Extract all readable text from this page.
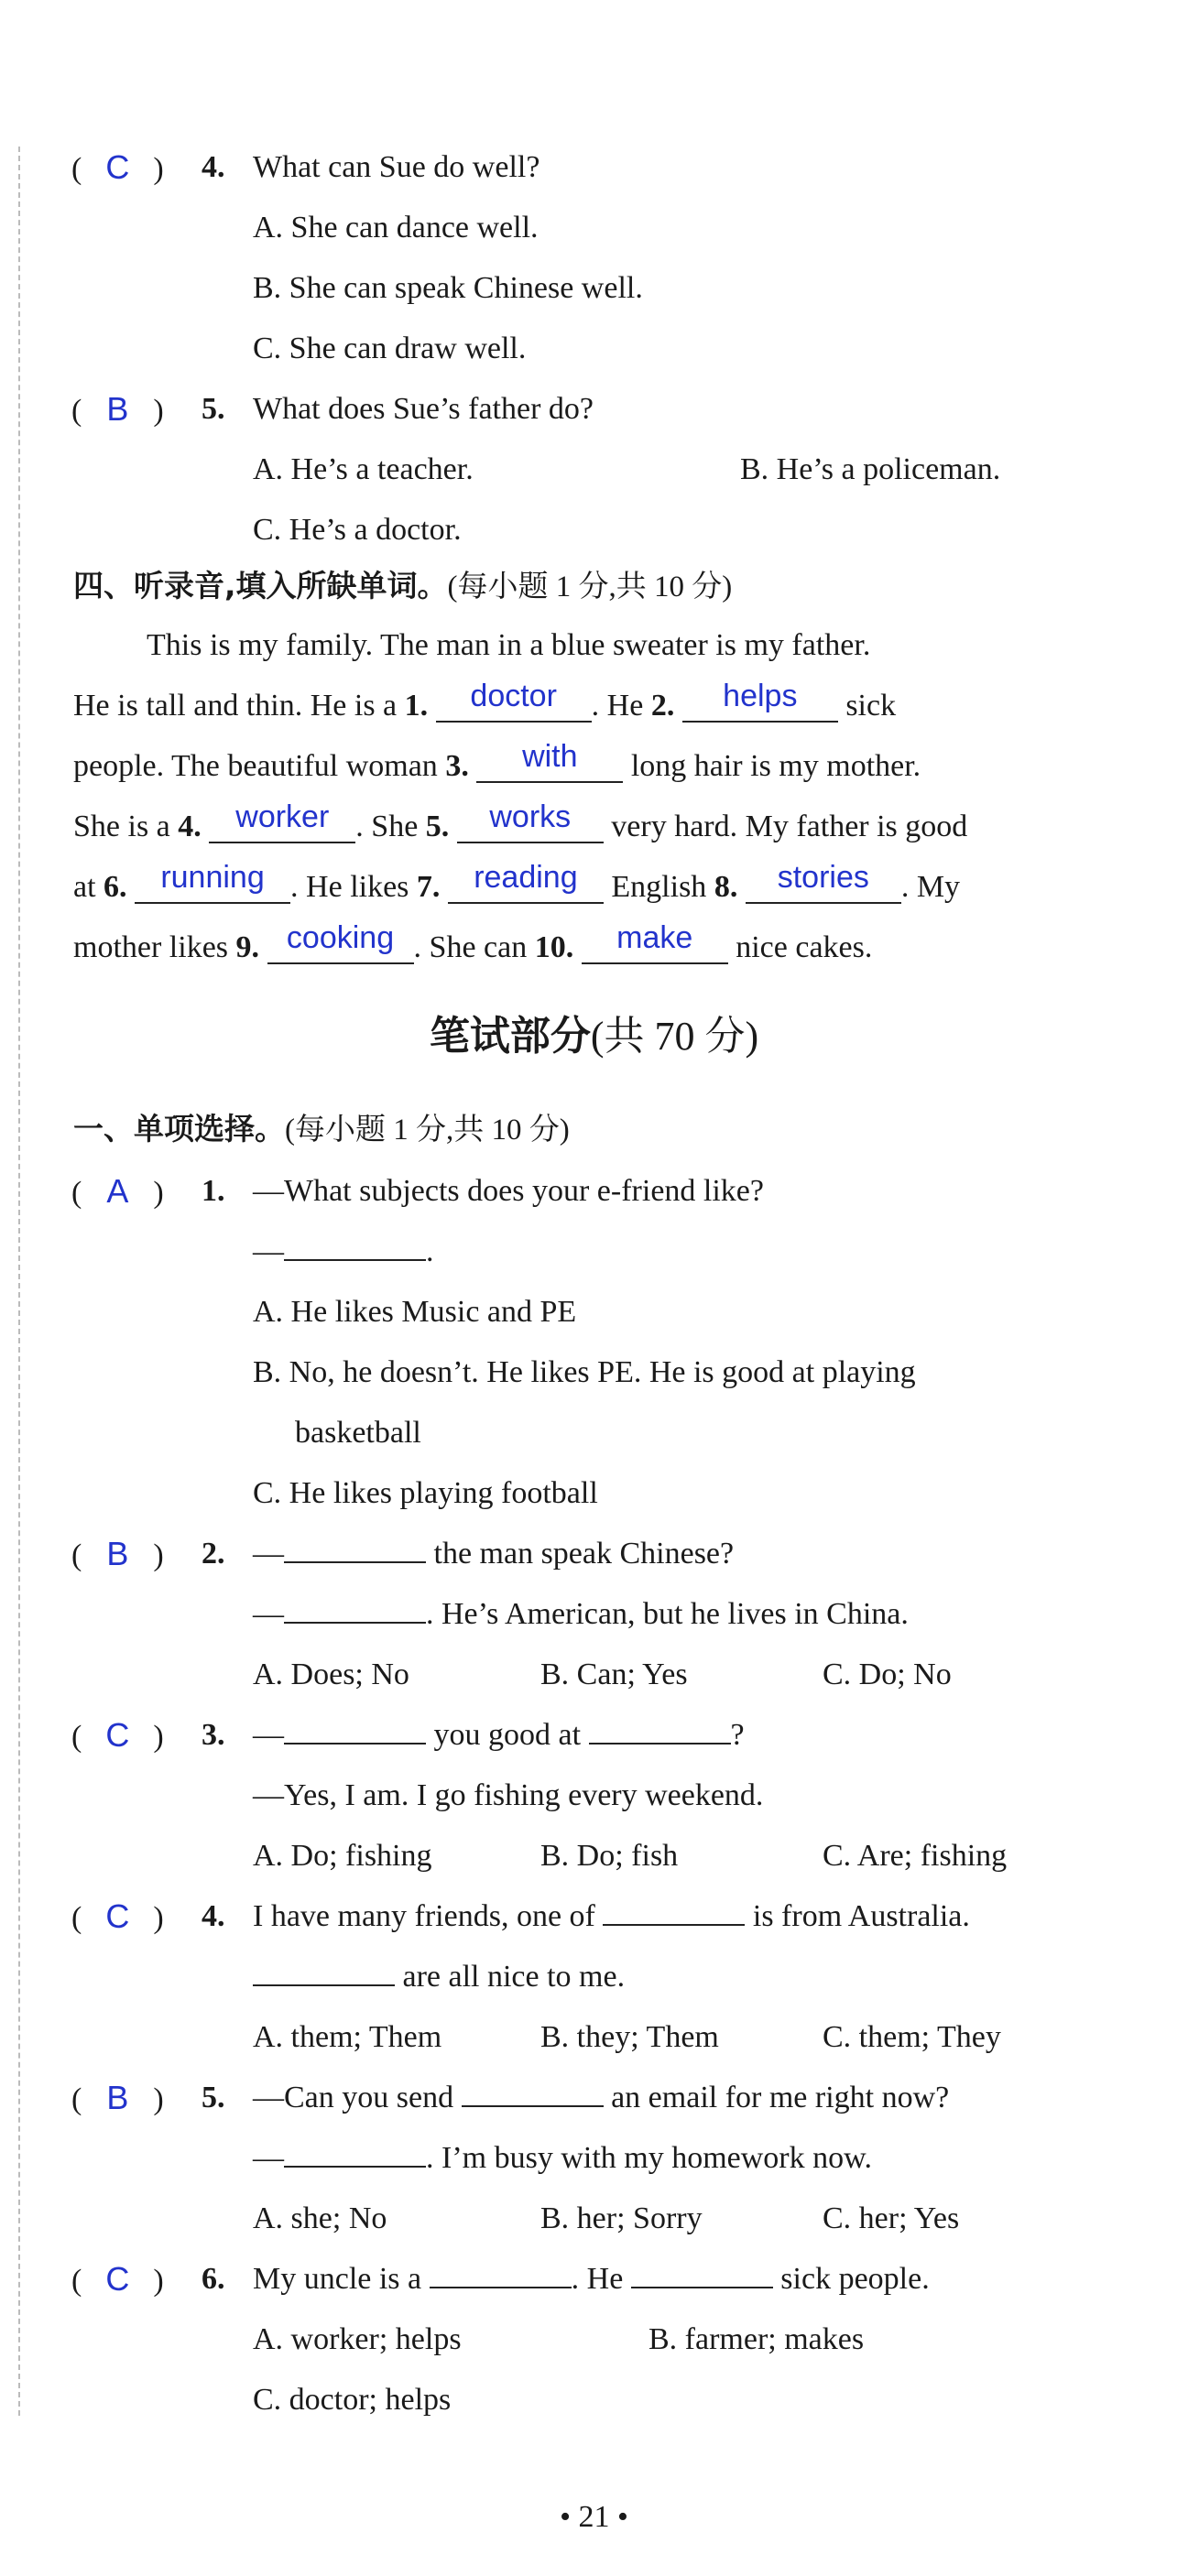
( C )	4. What can Sue do well?
A. She can dance well.
B. She can speak Chinese well.
C. She can draw well.
( B )	5. What does Sue’s father do?
A. He’s a teacher.	B. He’s a policeman.
C. He’s a doctor.
四、听录音,填入所缺单词。(每小题 1 分,共 10 分)
This is my family. The man in a blue sweater is my father.
He is tall and thin. He is a 1. doctor . He 2. helps sick
people. The beautiful woman 3. with long hair is my mother.
She is a 4. worker . She 5. works very hard. My father is good
at 6. running . He likes 7. reading English 8. stories . My
mother likes 9. cooking . She can 10. make nice cakes.
笔试部分(共 70 分)
一、单项选择。(每小题 1 分,共 10 分)
( A )	1. —What subjects does your e-friend like?
—	.
A. He likes Music and PE
B. No, he doesn’t. He likes PE. He is good at playing
basketball
C. He likes playing football
( B )	2. —	the man speak Chinese?
—	. He’s American, but he lives in China.
A. Does; No	B. Can; Yes	C. Do; No
( C )	3. —	you good at	?
—Yes, I am. I go fishing every weekend.
A. Do; fishing	B. Do; fish	C. Are; fishing
( C )	4. I have many friends, one of	is from Australia.
are all nice to me.
A. them; Them	B. they; Them	C. them; They
( B )	5. —Can you send	an email for me right now?
—	. I’m busy with my homework now.
A. she; No	B. her; Sorry	C. her; Yes
( C )	6. My uncle is a	. He	sick people.
A. worker; helps	B. farmer; makes
C. doctor; helps
• 21 •
